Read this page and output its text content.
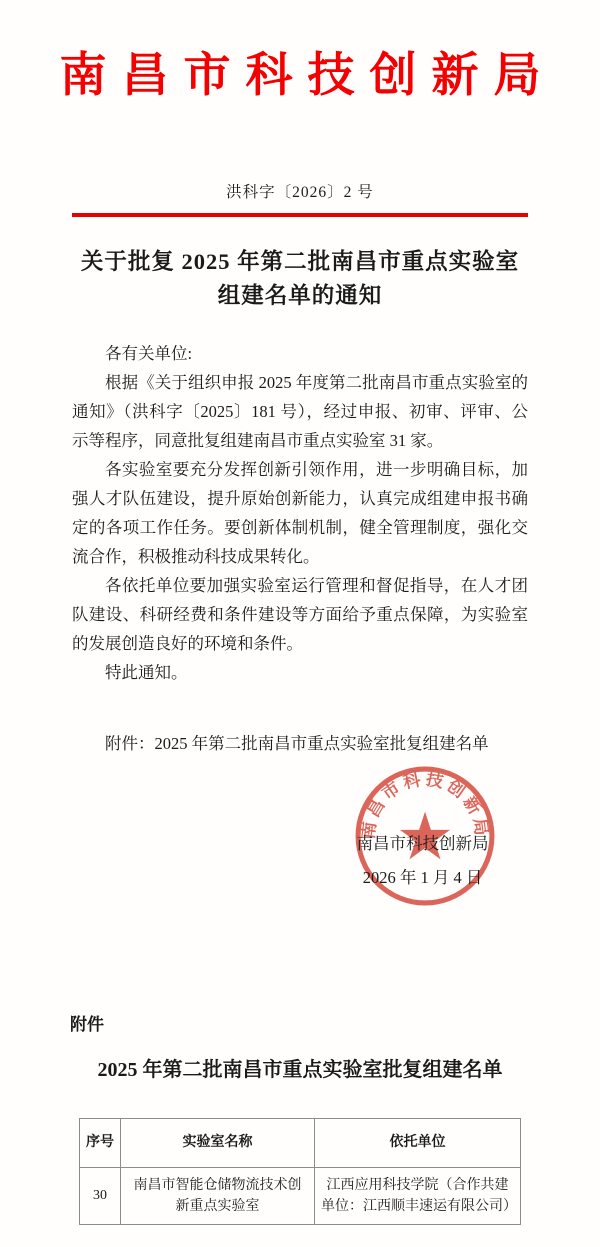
南昌市科技创新局
洪科字〔2026〕2 号
关于批复 2025 年第二批南昌市重点实验室
组建名单的通知

各有关单位:

根据《关于组织申报 2025 年度第二批南昌市重点实验室的通知》（洪科字〔2025〕181 号），经过申报、初审、评审、公示等程序，同意批复组建南昌市重点实验室 31 家。

各实验室要充分发挥创新引领作用，进一步明确目标，加强人才队伍建设，提升原始创新能力，认真完成组建申报书确定的各项工作任务。要创新体制机制，健全管理制度，强化交流合作，积极推动科技成果转化。

各依托单位要加强实验室运行管理和督促指导，在人才团队建设、科研经费和条件建设等方面给予重点保障，为实验室的发展创造良好的环境和条件。

特此通知。

附件：2025 年第二批南昌市重点实验室批复组建名单
南昌市科技创新局
南昌市科技创新局
2026 年 1 月 4 日
附件
2025 年第二批南昌市重点实验室批复组建名单
序号	实验室名称	依托单位
30	南昌市智能仓储物流技术创新重点实验室	江西应用科技学院（合作共建单位：江西顺丰速运有限公司）
